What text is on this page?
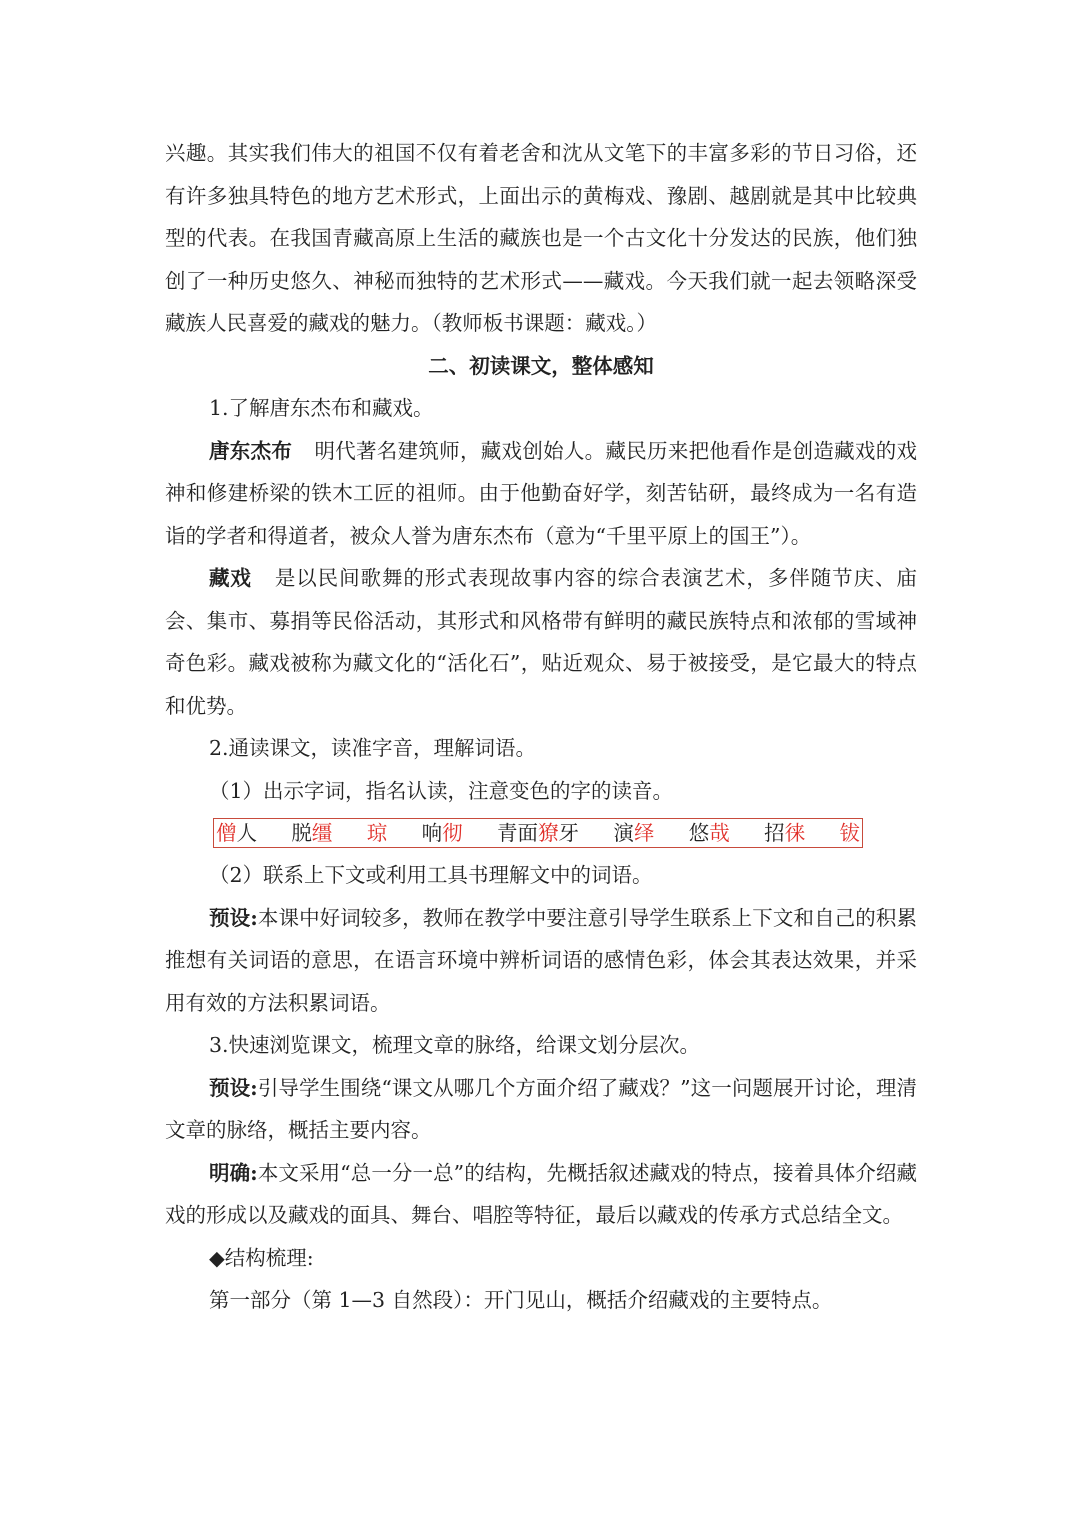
兴趣。其实我们伟大的祖国不仅有着老舍和沈从文笔下的丰富多彩的节日习俗，还有许多独具特色的地方艺术形式，上面出示的黄梅戏、豫剧、越剧就是其中比较典型的代表。在我国青藏高原上生活的藏族也是一个古文化十分发达的民族，他们独创了一种历史悠久、神秘而独特的艺术形式——藏戏。今天我们就一起去领略深受藏族人民喜爱的藏戏的魅力。（教师板书课题：藏戏。）

二、初读课文，整体感知

1.了解唐东杰布和藏戏。

唐东杰布 明代著名建筑师，藏戏创始人。藏民历来把他看作是创造藏戏的戏神和修建桥梁的铁木工匠的祖师。由于他勤奋好学，刻苦钻研，最终成为一名有造诣的学者和得道者，被众人誉为唐东杰布（意为“千里平原上的国王”）。

藏戏 是以民间歌舞的形式表现故事内容的综合表演艺术，多伴随节庆、庙会、集市、募捐等民俗活动，其形式和风格带有鲜明的藏民族特点和浓郁的雪域神奇色彩。藏戏被称为藏文化的“活化石”，贴近观众、易于被接受，是它最大的特点和优势。

2.通读课文，读准字音，理解词语。

（1）出示字词，指名认读，注意变色的字的读音。

僧人 脱缰 琼 响彻 青面獠牙 演绎 悠哉 招徕 钹

（2）联系上下文或利用工具书理解文中的词语。

预设:本课中好词较多，教师在教学中要注意引导学生联系上下文和自己的积累推想有关词语的意思，在语言环境中辨析词语的感情色彩，体会其表达效果，并采用有效的方法积累词语。

3.快速浏览课文，梳理文章的脉络，给课文划分层次。

预设:引导学生围绕“课文从哪几个方面介绍了藏戏？”这一问题展开讨论，理清文章的脉络，概括主要内容。

明确:本文采用“总一分一总”的结构，先概括叙述藏戏的特点，接着具体介绍藏戏的形成以及藏戏的面具、舞台、唱腔等特征，最后以藏戏的传承方式总结全文。

◆结构梳理:

第一部分（第 1—3 自然段）：开门见山，概括介绍藏戏的主要特点。
